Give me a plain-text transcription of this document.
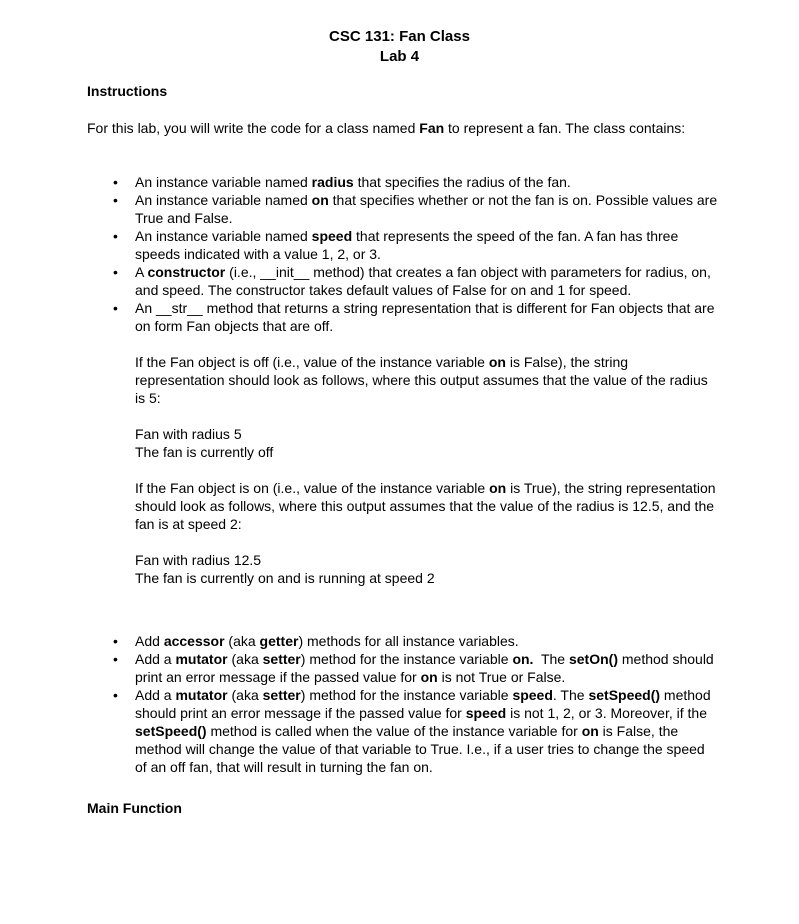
CSC 131: Fan Class
Lab 4
Instructions
For this lab, you will write the code for a class named Fan to represent a fan. The class contains:
• An instance variable named radius that specifies the radius of the fan.
• An instance variable named on that specifies whether or not the fan is on. Possible values are True and False.
• An instance variable named speed that represents the speed of the fan. A fan has three speeds indicated with a value 1, 2, or 3.
• A constructor (i.e., __init__ method) that creates a fan object with parameters for radius, on, and speed. The constructor takes default values of False for on and 1 for speed.
• An __str__ method that returns a string representation that is different for Fan objects that are on form Fan objects that are off.
If the Fan object is off (i.e., value of the instance variable on is False), the string representation should look as follows, where this output assumes that the value of the radius is 5:
Fan with radius 5
The fan is currently off
If the Fan object is on (i.e., value of the instance variable on is True), the string representation should look as follows, where this output assumes that the value of the radius is 12.5, and the fan is at speed 2:
Fan with radius 12.5
The fan is currently on and is running at speed 2
• Add accessor (aka getter) methods for all instance variables.
• Add a mutator (aka setter) method for the instance variable on.  The setOn() method should print an error message if the passed value for on is not True or False.
• Add a mutator (aka setter) method for the instance variable speed. The setSpeed() method should print an error message if the passed value for speed is not 1, 2, or 3. Moreover, if the setSpeed() method is called when the value of the instance variable for on is False, the method will change the value of that variable to True. I.e., if a user tries to change the speed of an off fan, that will result in turning the fan on.
Main Function
